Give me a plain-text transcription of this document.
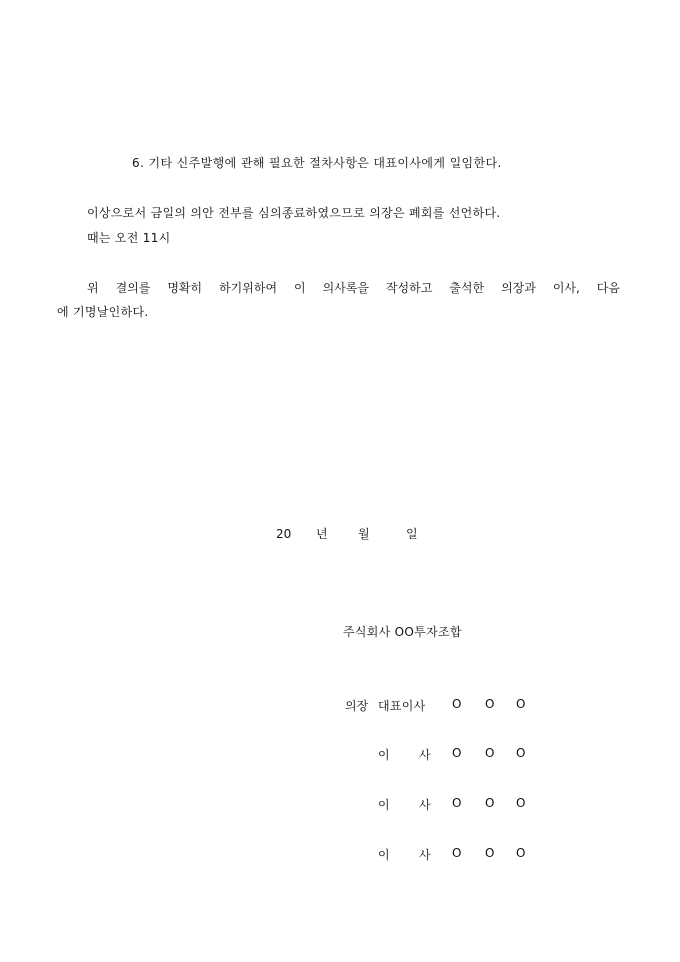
6. 기타 신주발행에 관해 필요한 절차사항은 대표이사에게 일임한다.
이상으로서 금일의 의안 전부를 심의종료하였으므로 의장은 폐회를 선언하다.
때는 오전 11시
위 결의를 명확히 하기위하여 이 의사록을 작성하고 출석한 의장과 이사, 다음
에 기명날인하다.
20	년	월	일
주식회사 OO투자조합
의장 대표이사 O O O
이 사 O O O
이 사 O O O
이 사 O O O
